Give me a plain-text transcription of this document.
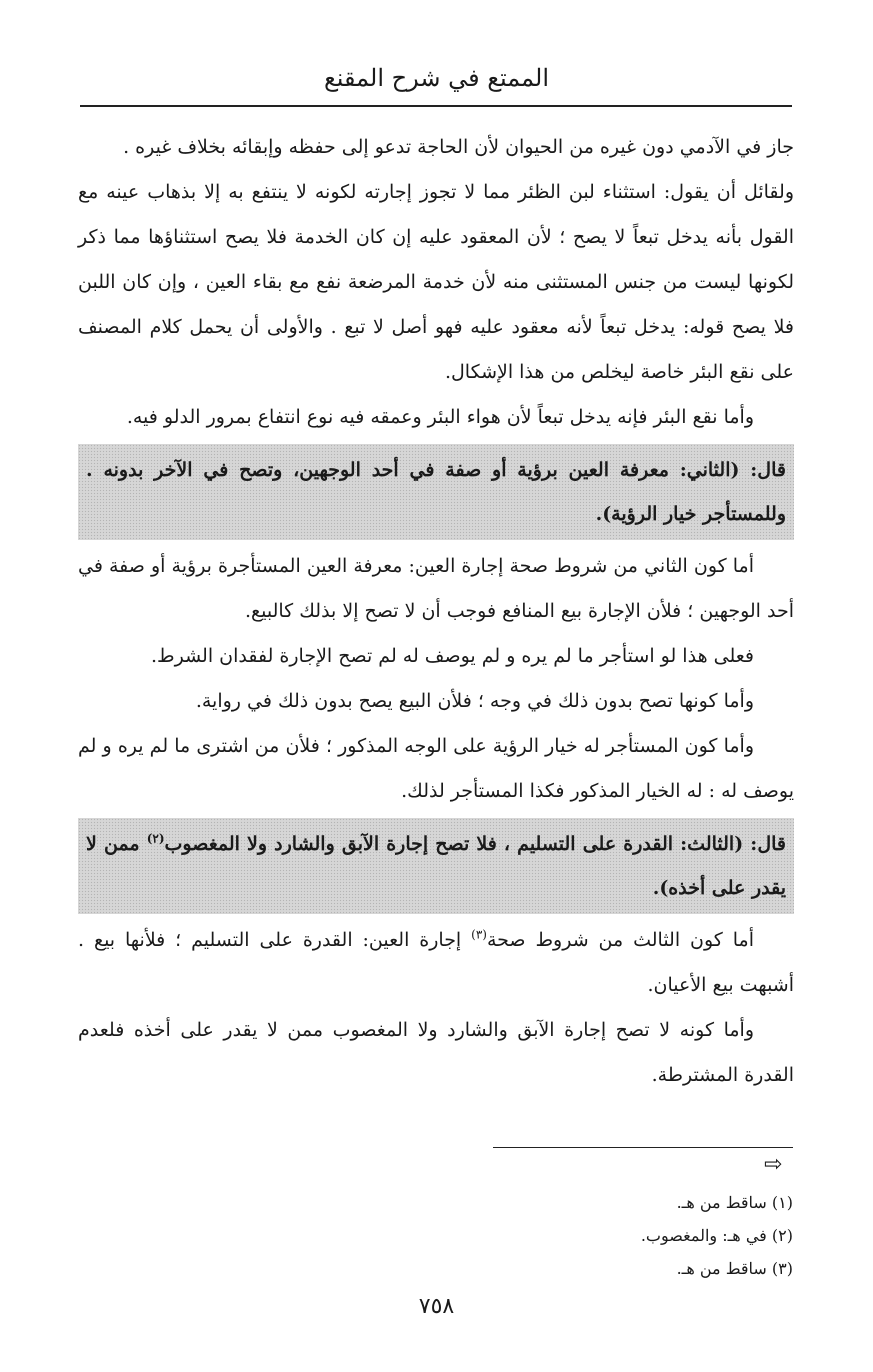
الممتع في شرح المقنع

جاز في الآدمي دون غيره من الحيوان لأن الحاجة تدعو إلى حفظه وإبقائه بخلاف غيره .

ولقائل أن يقول: استثناء لبن الظئر مما لا تجوز إجارته لكونه لا ينتفع به إلا بذهاب عينه مع القول بأنه يدخل تبعاً لا يصح ؛ لأن المعقود عليه إن كان الخدمة فلا يصح استثناؤها مما ذكر لكونها ليست من جنس المستثنى منه لأن خدمة المرضعة نفع مع بقاء العين ، وإن كان اللبن فلا يصح قوله: يدخل تبعاً لأنه معقود عليه فهو أصل لا تبع . والأولى أن يحمل كلام المصنف على نقع البئر خاصة ليخلص من هذا الإشكال.

وأما نقع البئر فإنه يدخل تبعاً لأن هواء البئر وعمقه فيه نوع انتفاع بمرور الدلو فيه.

قال: (الثاني: معرفة العين برؤية أو صفة في أحد الوجهين، وتصح في الآخر بدونه . وللمستأجر خيار الرؤية).

أما كون الثاني من شروط صحة إجارة العين: معرفة العين المستأجرة برؤية أو صفة في أحد الوجهين ؛ فلأن الإجارة بيع المنافع فوجب أن لا تصح إلا بذلك كالبيع.

فعلى هذا لو استأجر ما لم يره و لم يوصف له لم تصح الإجارة لفقدان الشرط.

وأما كونها تصح بدون ذلك في وجه ؛ فلأن البيع يصح بدون ذلك في رواية.

وأما كون المستأجر له خيار الرؤية على الوجه المذكور ؛ فلأن من اشترى ما لم يره و لم يوصف له : له الخيار المذكور فكذا المستأجر لذلك.

قال: (الثالث: القدرة على التسليم ، فلا تصح إجارة الآبق والشارد ولا المغصوب$^{(٢)}$ ممن لا يقدر على أخذه).

أما كون الثالث من شروط صحة$^{(٣)}$ إجارة العين: القدرة على التسليم ؛ فلأنها بيع . أشبهت بيع الأعيان.

وأما كونه لا تصح إجارة الآبق والشارد ولا المغصوب ممن لا يقدر على أخذه فلعدم القدرة المشترطة.

⇨
(١) ساقط من هـ.
(٢) في هـ: والمغصوب.
(٣) ساقط من هـ.
٧٥٨
